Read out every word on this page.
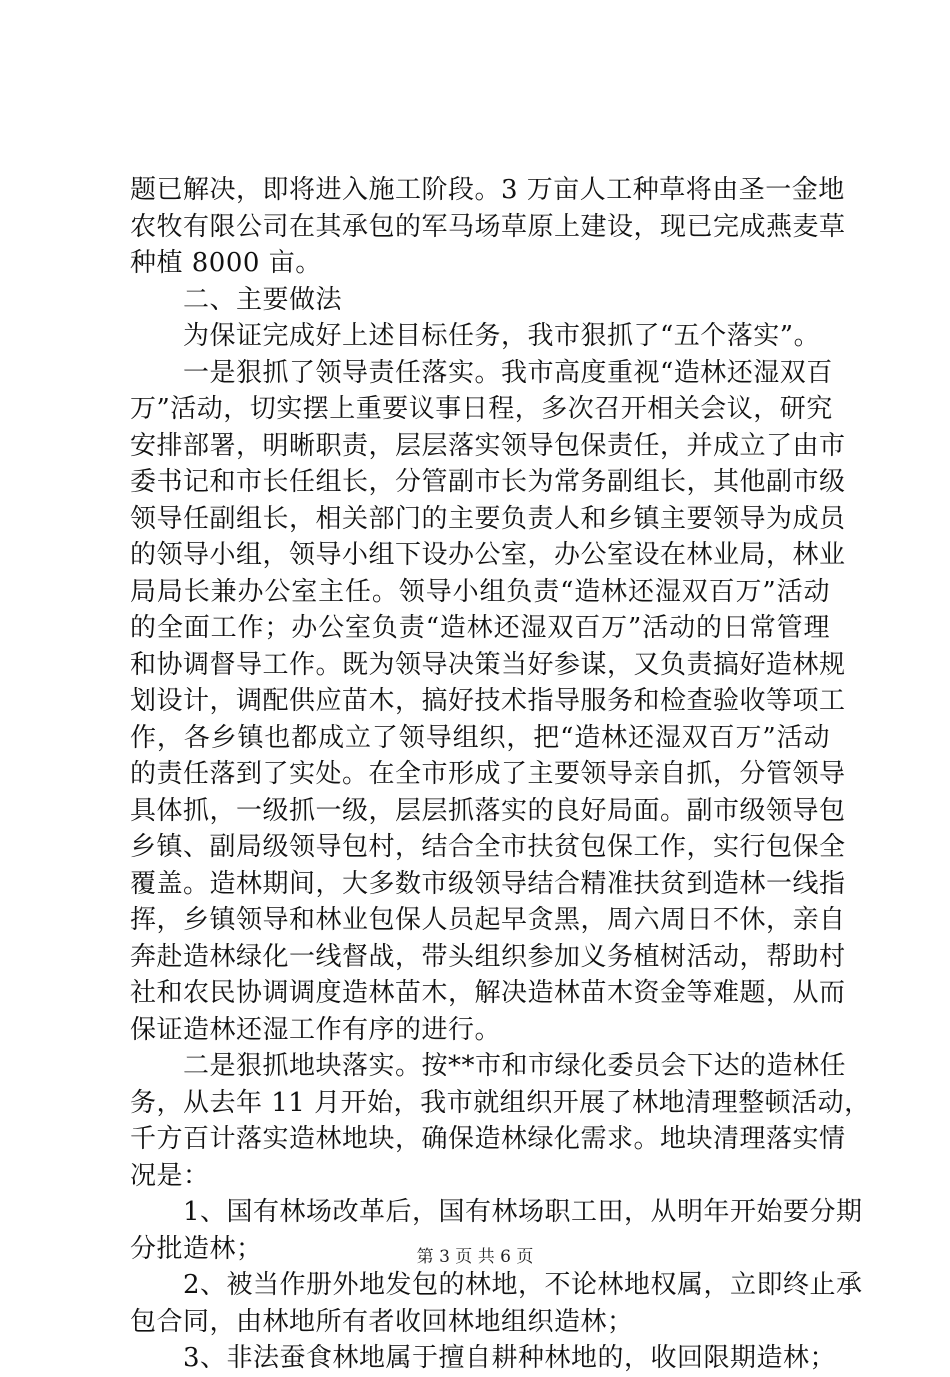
题已解决，即将进入施工阶段。3 万亩人工种草将由圣一金地
农牧有限公司在其承包的军马场草原上建设，现已完成燕麦草
种植 8000 亩。
　　二、主要做法
　　为保证完成好上述目标任务，我市狠抓了“五个落实”。
　　一是狠抓了领导责任落实。我市高度重视“造林还湿双百
万”活动，切实摆上重要议事日程，多次召开相关会议，研究
安排部署，明晰职责，层层落实领导包保责任，并成立了由市
委书记和市长任组长，分管副市长为常务副组长，其他副市级
领导任副组长，相关部门的主要负责人和乡镇主要领导为成员
的领导小组，领导小组下设办公室，办公室设在林业局，林业
局局长兼办公室主任。领导小组负责“造林还湿双百万”活动
的全面工作；办公室负责“造林还湿双百万”活动的日常管理
和协调督导工作。既为领导决策当好参谋，又负责搞好造林规
划设计，调配供应苗木，搞好技术指导服务和检查验收等项工
作，各乡镇也都成立了领导组织，把“造林还湿双百万”活动
的责任落到了实处。在全市形成了主要领导亲自抓，分管领导
具体抓，一级抓一级，层层抓落实的良好局面。副市级领导包
乡镇、副局级领导包村，结合全市扶贫包保工作，实行包保全
覆盖。造林期间，大多数市级领导结合精准扶贫到造林一线指
挥，乡镇领导和林业包保人员起早贪黑，周六周日不休，亲自
奔赴造林绿化一线督战，带头组织参加义务植树活动，帮助村
社和农民协调调度造林苗木，解决造林苗木资金等难题，从而
保证造林还湿工作有序的进行。
　　二是狠抓地块落实。按**市和市绿化委员会下达的造林任
务，从去年 11 月开始，我市就组织开展了林地清理整顿活动，
千方百计落实造林地块，确保造林绿化需求。地块清理落实情
况是：
　　1、国有林场改革后，国有林场职工田，从明年开始要分期
分批造林；
　　2、被当作册外地发包的林地，不论林地权属，立即终止承
包合同，由林地所有者收回林地组织造林；
　　3、非法蚕食林地属于擅自耕种林地的，收回限期造林；
第 3 页 共 6 页
